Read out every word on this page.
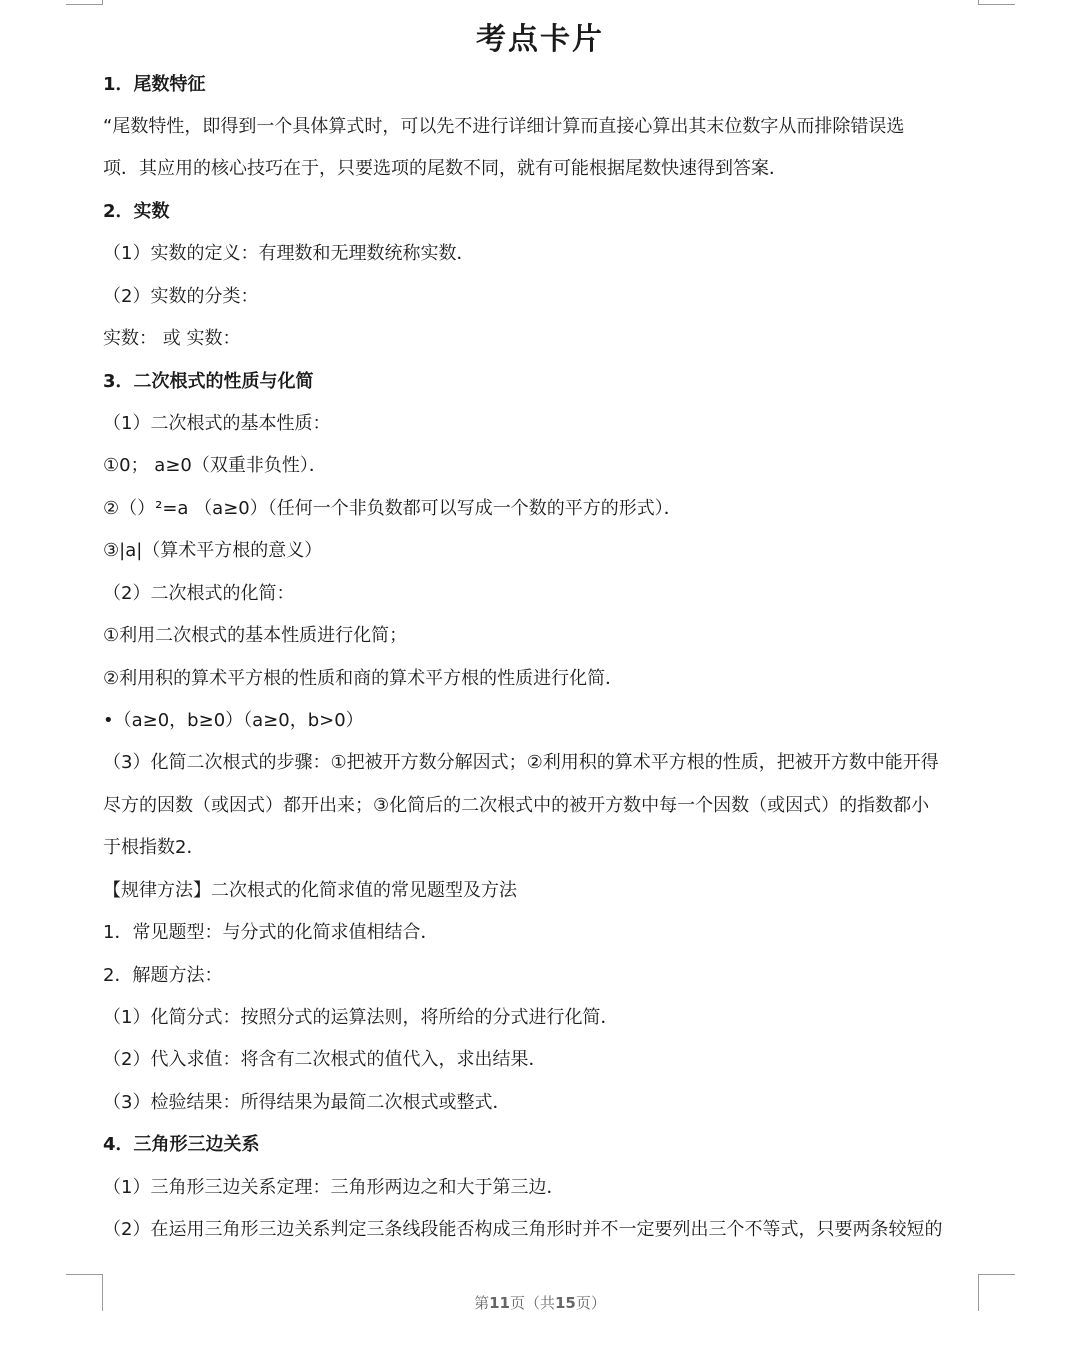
考点卡片
1．尾数特征
“尾数特性，即得到一个具体算式时，可以先不进行详细计算而直接心算出其末位数字从而排除错误选
项．其应用的核心技巧在于，只要选项的尾数不同，就有可能根据尾数快速得到答案．
2．实数
（1）实数的定义：有理数和无理数统称实数．
（2）实数的分类：
实数： 或 实数：
3．二次根式的性质与化简
（1）二次根式的基本性质：
①0； a≥0（双重非负性）．
②（）²=a （a≥0）（任何一个非负数都可以写成一个数的平方的形式）．
③|a|（算术平方根的意义）
（2）二次根式的化简：
①利用二次根式的基本性质进行化简；
②利用积的算术平方根的性质和商的算术平方根的性质进行化简．
•（a≥0，b≥0）（a≥0，b>0）
（3）化简二次根式的步骤：①把被开方数分解因式；②利用积的算术平方根的性质，把被开方数中能开得
尽方的因数（或因式）都开出来；③化简后的二次根式中的被开方数中每一个因数（或因式）的指数都小
于根指数2．
【规律方法】二次根式的化简求值的常见题型及方法
1．常见题型：与分式的化简求值相结合．
2．解题方法：
（1）化简分式：按照分式的运算法则，将所给的分式进行化简．
（2）代入求值：将含有二次根式的值代入，求出结果．
（3）检验结果：所得结果为最简二次根式或整式．
4．三角形三边关系
（1）三角形三边关系定理：三角形两边之和大于第三边．
（2）在运用三角形三边关系判定三条线段能否构成三角形时并不一定要列出三个不等式，只要两条较短的
第11页（共15页）
